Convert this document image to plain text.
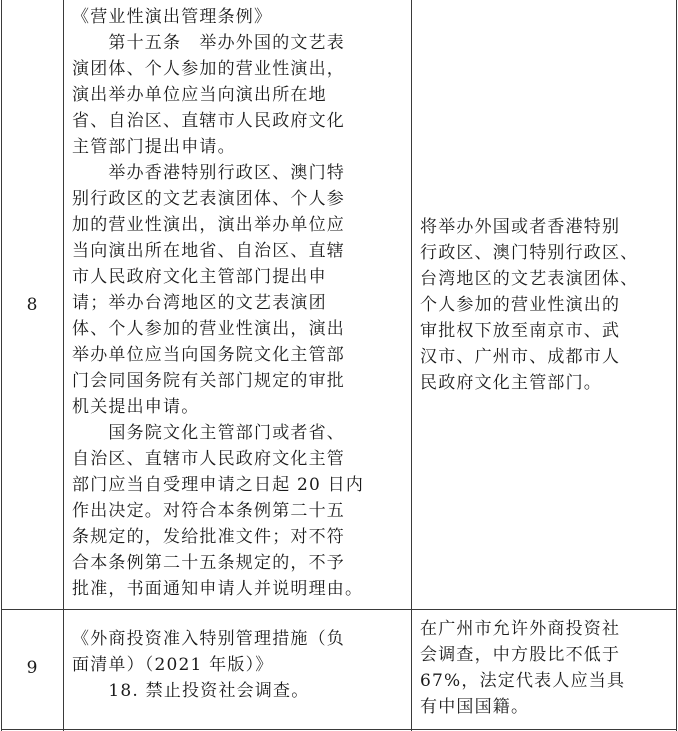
8

《营业性演出管理条例》

　　第十五条　举办外国的文艺表

演团体、个人参加的营业性演出，

演出举办单位应当向演出所在地

省、自治区、直辖市人民政府文化

主管部门提出申请。

　　举办香港特别行政区、澳门特

别行政区的文艺表演团体、个人参

加的营业性演出，演出举办单位应

当向演出所在地省、自治区、直辖

市人民政府文化主管部门提出申

请；举办台湾地区的文艺表演团

体、个人参加的营业性演出，演出

举办单位应当向国务院文化主管部

门会同国务院有关部门规定的审批

机关提出申请。

　　国务院文化主管部门或者省、

自治区、直辖市人民政府文化主管

部门应当自受理申请之日起 20 日内

作出决定。对符合本条例第二十五

条规定的，发给批准文件；对不符

合本条例第二十五条规定的，不予

批准，书面通知申请人并说明理由。

将举办外国或者香港特别

行政区、澳门特别行政区、

台湾地区的文艺表演团体、

个人参加的营业性演出的

审批权下放至南京市、武

汉市、广州市、成都市人

民政府文化主管部门。

9

《外商投资准入特别管理措施（负

面清单）（2021 年版）》

　　18. 禁止投资社会调查。

在广州市允许外商投资社

会调查，中方股比不低于

67%，法定代表人应当具

有中国国籍。
